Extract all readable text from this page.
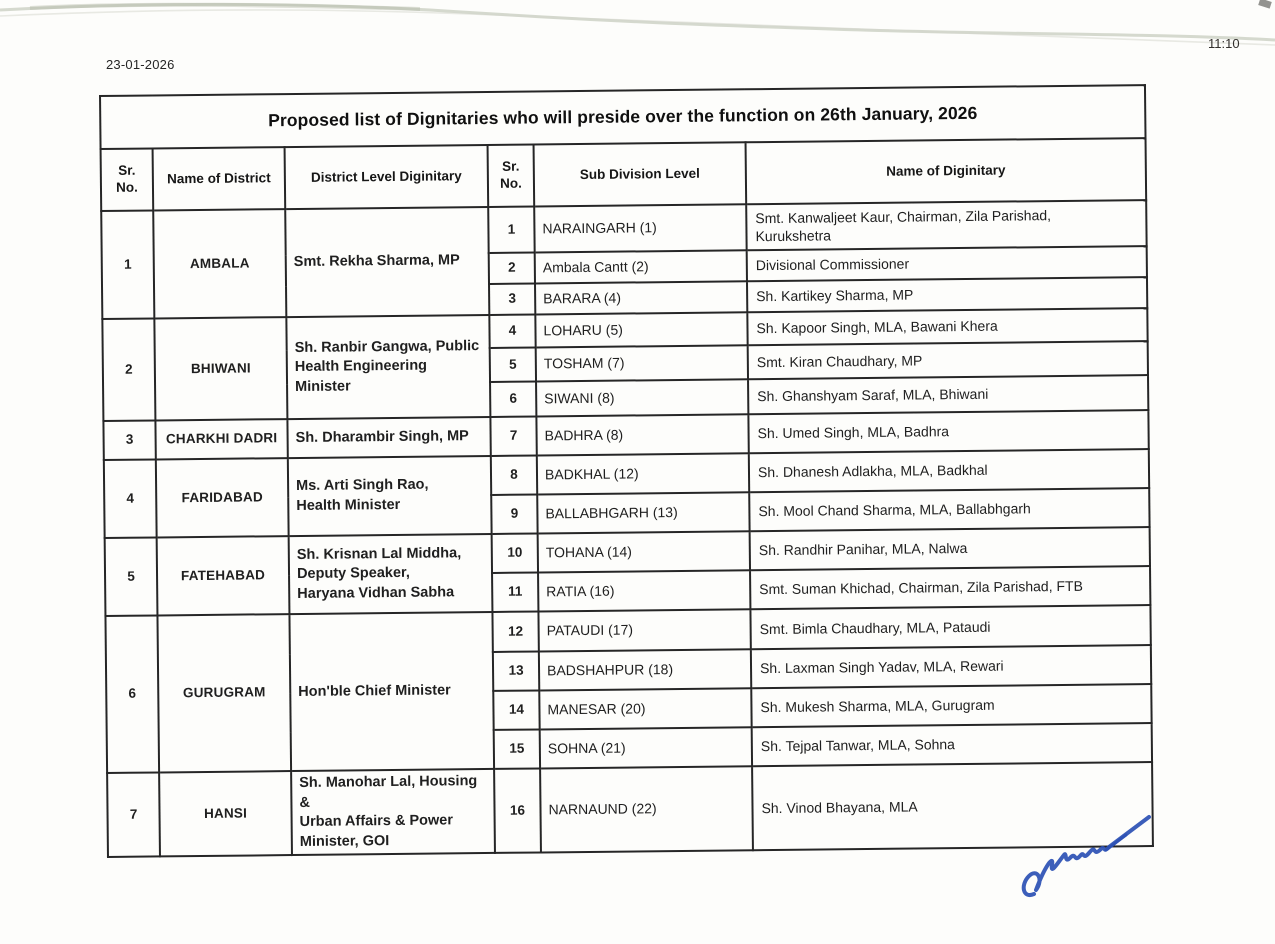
23-01-2026
11:10
Proposed list of Dignitaries who will preside over the function on 26th January, 2026					
Sr. No.	Name of District	District Level Diginitary	Sr. No.	Sub Division Level	Name of Diginitary
1	AMBALA	Smt. Rekha Sharma, MP	1	NARAINGARH (1)	Smt. Kanwaljeet Kaur, Chairman, Zila Parishad,
Kurukshetra
			2	Ambala Cantt (2)	Divisional Commissioner
			3	BARARA (4)	Sh. Kartikey Sharma, MP
2	BHIWANI	Sh. Ranbir Gangwa, Public
Health Engineering Minister	4	LOHARU (5)	Sh. Kapoor Singh, MLA, Bawani Khera
			5	TOSHAM (7)	Smt. Kiran Chaudhary, MP
			6	SIWANI (8)	Sh. Ghanshyam Saraf, MLA, Bhiwani
3	CHARKHI DADRI	Sh. Dharambir Singh, MP	7	BADHRA (8)	Sh. Umed Singh, MLA, Badhra
4	FARIDABAD	Ms. Arti Singh Rao,
Health Minister	8	BADKHAL (12)	Sh. Dhanesh Adlakha, MLA, Badkhal
			9	BALLABHGARH (13)	Sh. Mool Chand Sharma, MLA, Ballabhgarh
5	FATEHABAD	Sh. Krisnan Lal Middha,
Deputy Speaker,
Haryana Vidhan Sabha	10	TOHANA (14)	Sh. Randhir Panihar, MLA, Nalwa
			11	RATIA (16)	Smt. Suman Khichad, Chairman, Zila Parishad, FTB
6	GURUGRAM	Hon'ble Chief Minister	12	PATAUDI (17)	Smt. Bimla Chaudhary, MLA, Pataudi
			13	BADSHAHPUR (18)	Sh. Laxman Singh Yadav, MLA, Rewari
			14	MANESAR (20)	Sh. Mukesh Sharma, MLA, Gurugram
			15	SOHNA (21)	Sh. Tejpal Tanwar, MLA, Sohna
7	HANSI	Sh. Manohar Lal, Housing &
Urban Affairs & Power
Minister, GOI	16	NARNAUND (22)	Sh. Vinod Bhayana, MLA
